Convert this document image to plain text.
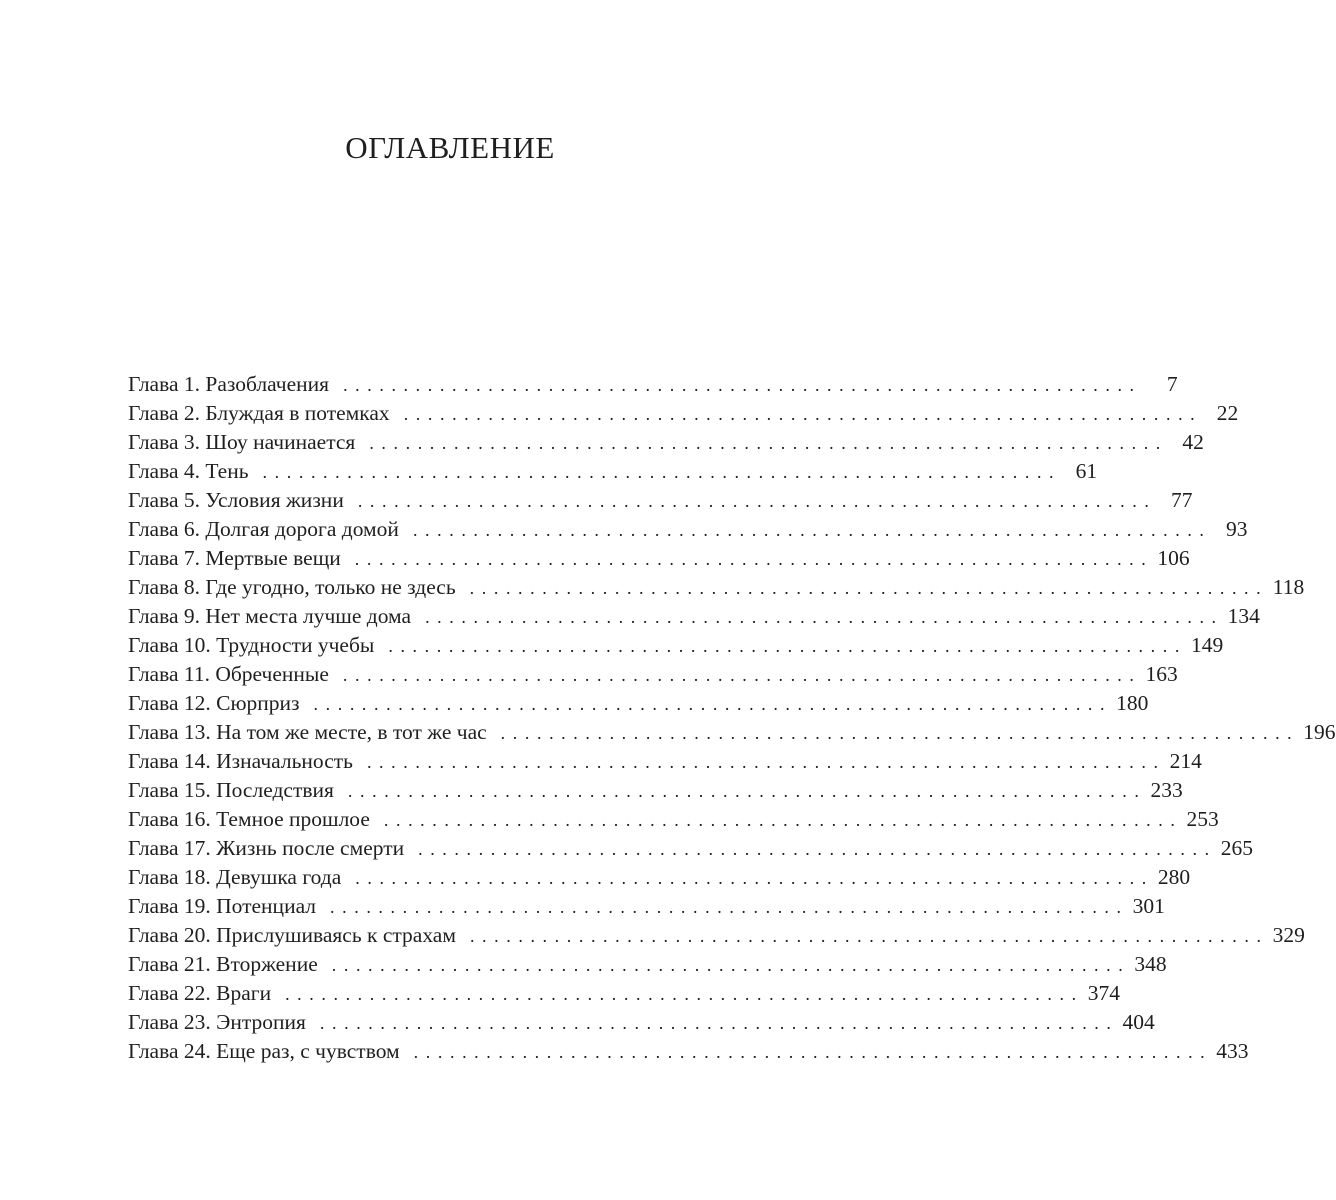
ОГЛАВЛЕНИЕ
Глава 1. Разоблачения ..................................................................	7
Глава 2. Блуждая в потемках .................................................................. 22
Глава 3. Шоу начинается .................................................................. 42
Глава 4. Тень .................................................................. 61
Глава 5. Условия жизни .................................................................. 77
Глава 6. Долгая дорога домой .................................................................. 93
Глава 7. Мертвые вещи .................................................................. 106
Глава 8. Где угодно, только не здесь .................................................................. 118
Глава 9. Нет места лучше дома .................................................................. 134
Глава 10. Трудности учебы .................................................................. 149
Глава 11. Обреченные .................................................................. 163
Глава 12. Сюрприз .................................................................. 180
Глава 13. На том же месте, в тот же час .................................................................. 196
Глава 14. Изначальность .................................................................. 214
Глава 15. Последствия .................................................................. 233
Глава 16. Темное прошлое .................................................................. 253
Глава 17. Жизнь после смерти .................................................................. 265
Глава 18. Девушка года .................................................................. 280
Глава 19. Потенциал .................................................................. 301
Глава 20. Прислушиваясь к страхам .................................................................. 329
Глава 21. Вторжение .................................................................. 348
Глава 22. Враги .................................................................. 374
Глава 23. Энтропия .................................................................. 404
Глава 24. Еще раз, с чувством .................................................................. 433
